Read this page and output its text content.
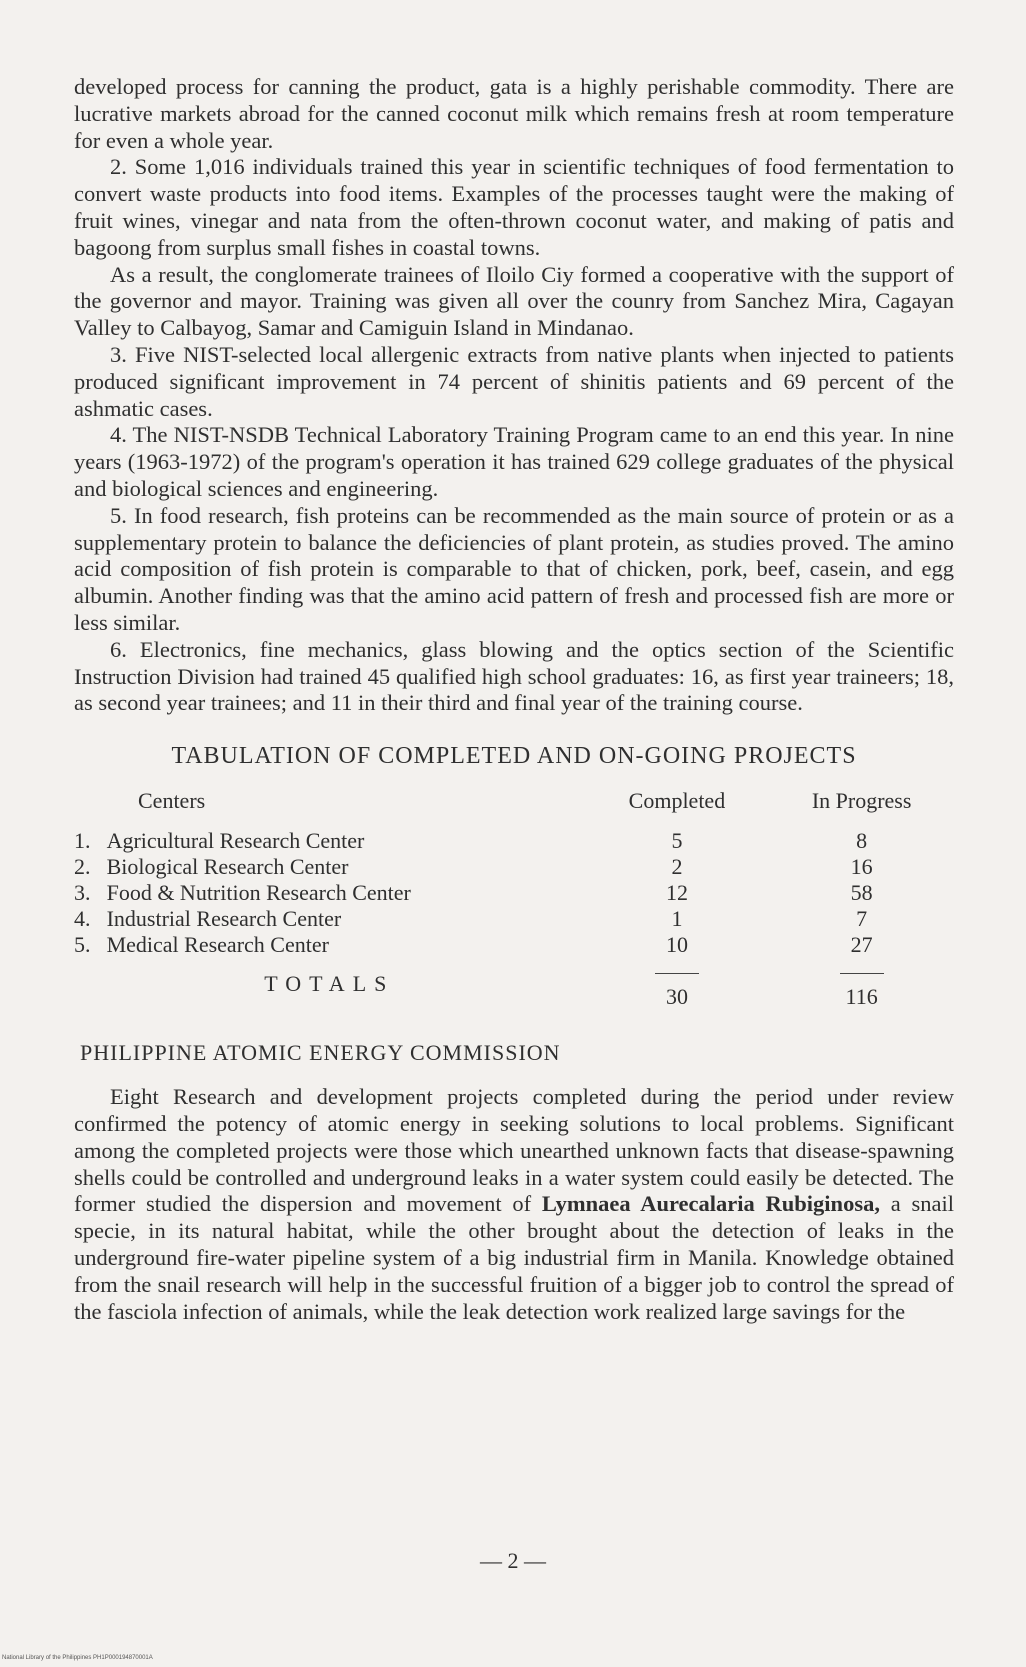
developed process for canning the product, gata is a highly perishable commodity. There are lucrative markets abroad for the canned coconut milk which remains fresh at room temperature for even a whole year.

2. Some 1,016 individuals trained this year in scientific techniques of food fermentation to convert waste products into food items. Examples of the processes taught were the making of fruit wines, vinegar and nata from the often-thrown coconut water, and making of patis and bagoong from surplus small fishes in coastal towns.

As a result, the conglomerate trainees of Iloilo Ciy formed a cooperative with the support of the governor and mayor. Training was given all over the counry from Sanchez Mira, Cagayan Valley to Calbayog, Samar and Camiguin Island in Mindanao.

3. Five NIST-selected local allergenic extracts from native plants when injected to patients produced significant improvement in 74 percent of shinitis patients and 69 percent of the ashmatic cases.

4. The NIST-NSDB Technical Laboratory Training Program came to an end this year. In nine years (1963-1972) of the program's operation it has trained 629 college graduates of the physical and biological sciences and engineering.

5. In food research, fish proteins can be recommended as the main source of protein or as a supplementary protein to balance the deficiencies of plant protein, as studies proved. The amino acid composition of fish protein is comparable to that of chicken, pork, beef, casein, and egg albumin. Another finding was that the amino acid pattern of fresh and processed fish are more or less similar.

6. Electronics, fine mechanics, glass blowing and the optics section of the Scientific Instruction Division had trained 45 qualified high school graduates: 16, as first year traineers; 18, as second year trainees; and 11 in their third and final year of the training course.

TABULATION OF COMPLETED AND ON-GOING PROJECTS
Centers		Completed	In Progress
1.	Agricultural Research Center	5	8
2.	Biological Research Center	2	16
3.	Food & Nutrition Research Center	12	58
4.	Industrial Research Center	1	7
5.	Medical Research Center	10	27
TOTALS		30	116
PHILIPPINE ATOMIC ENERGY COMMISSION

Eight Research and development projects completed during the period under review confirmed the potency of atomic energy in seeking solutions to local problems. Significant among the completed projects were those which unearthed unknown facts that disease-spawning shells could be controlled and underground leaks in a water system could easily be detected. The former studied the dispersion and movement of Lymnaea Aurecalaria Rubiginosa, a snail specie, in its natural habitat, while the other brought about the detection of leaks in the underground fire-water pipeline system of a big industrial firm in Manila. Knowledge obtained from the snail research will help in the successful fruition of a bigger job to control the spread of the fasciola infection of animals, while the leak detection work realized large savings for the

— 2 —
National Library of the Philippines PH1P000194870001A
